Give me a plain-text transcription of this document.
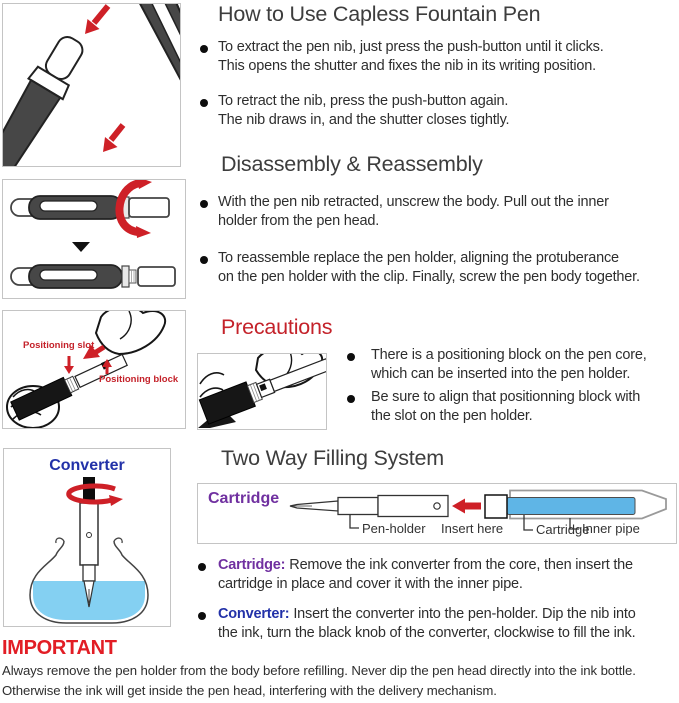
Positioning slot
Positioning block
Converter
How to Use Capless Fountain Pen
To extract the pen nib, just press the push-button until it clicks.
This opens the shutter and fixes the nib in its writing position.
To retract the nib, press the push-button again.
The nib draws in, and the shutter closes tightly.
Disassembly & Reassembly
With the pen nib retracted, unscrew the body. Pull out the inner
holder from the pen head.
To reassemble replace the pen holder, aligning the protuberance
on the pen holder with the clip. Finally, screw the pen body together.
Precautions
There is a positioning block on the pen core,
which can be inserted into the pen holder.
Be sure to align that positionning block with
the slot on the pen holder.
Two Way Filling System
Cartridge
Pen-holder Insert here	Cartridge
Inner pipe
Cartridge: Remove the ink converter from the core, then insert the
cartridge in place and cover it with the inner pipe.
Converter: Insert the converter into the pen-holder. Dip the nib into
the ink, turn the black knob of the converter, clockwise to fill the ink.
IMPORTANT
Always remove the pen holder from the body before refilling. Never dip the pen head directly into the ink bottle.
Otherwise the ink will get inside the pen head, interfering with the delivery mechanism.
